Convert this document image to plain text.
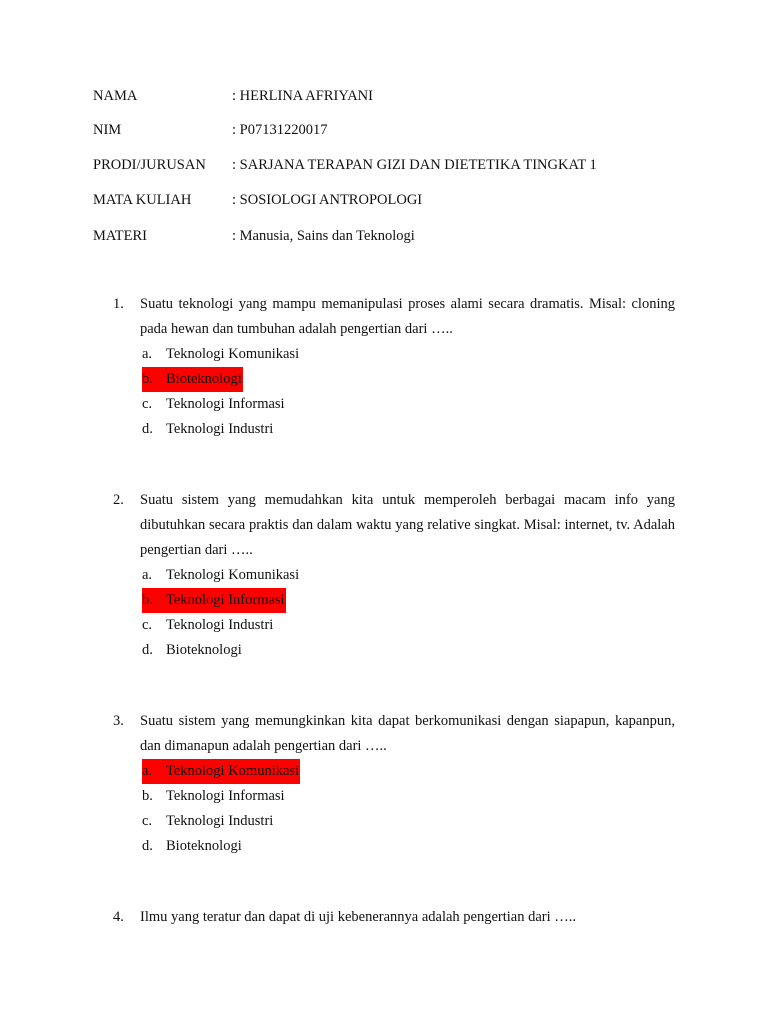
NAMA	: HERLINA AFRIYANI
NIM	: P07131220017
PRODI/JURUSAN : SARJANA TERAPAN GIZI DAN DIETETIKA TINGKAT 1
MATA KULIAH	: SOSIOLOGI ANTROPOLOGI
MATERI	: Manusia, Sains dan Teknologi
1. Suatu teknologi yang mampu memanipulasi proses alami secara dramatis. Misal: cloning pada hewan dan tumbuhan adalah pengertian dari …..
a. Teknologi Komunikasi
b. Bioteknologi
c. Teknologi Informasi
d. Teknologi Industri
2. Suatu sistem yang memudahkan kita untuk memperoleh berbagai macam info yang dibutuhkan secara praktis dan dalam waktu yang relative singkat. Misal: internet, tv. Adalah pengertian dari …..
a. Teknologi Komunikasi
b. Teknologi Informasi
c. Teknologi Industri
d. Bioteknologi
3. Suatu sistem yang memungkinkan kita dapat berkomunikasi dengan siapapun, kapanpun, dan dimanapun adalah pengertian dari …..
a. Teknologi Komunikasi
b. Teknologi Informasi
c. Teknologi Industri
d. Bioteknologi
4. Ilmu yang teratur dan dapat di uji kebenerannya adalah pengertian dari …..
